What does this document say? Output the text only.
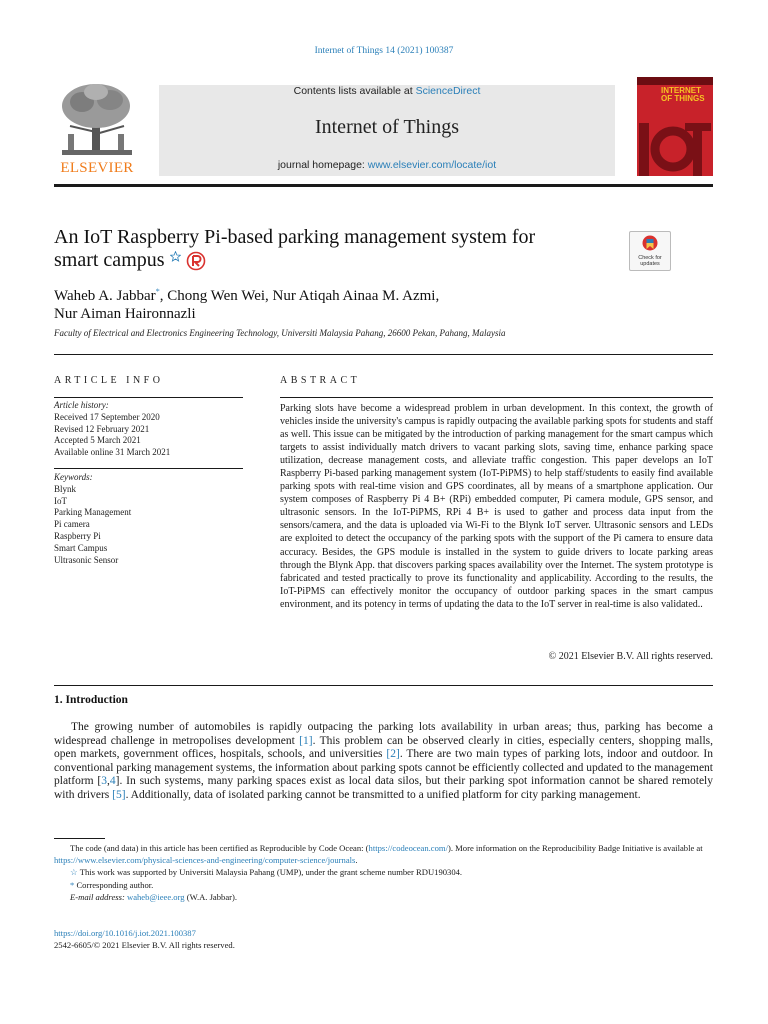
Internet of Things 14 (2021) 100387
ELSEVIER
Contents lists available at ScienceDirect
Internet of Things
journal homepage: www.elsevier.com/locate/iot
INTERNET OF THINGS
An IoT Raspberry Pi-based parking management system for
smart campus	Check for updates
Waheb A. Jabbar*, Chong Wen Wei, Nur Atiqah Ainaa M. Azmi,
Nur Aiman Haironnazli
Faculty of Electrical and Electronics Engineering Technology, Universiti Malaysia Pahang, 26600 Pekan, Pahang, Malaysia
ARTICLE INFO
Article history:
Received 17 September 2020
Revised 12 February 2021
Accepted 5 March 2021
Available online 31 March 2021
Keywords:
Blynk
IoT
Parking Management
Pi camera
Raspberry Pi
Smart Campus
Ultrasonic Sensor
ABSTRACT
Parking slots have become a widespread problem in urban development. In this context, the growth of vehicles inside the university's campus is rapidly outpacing the available parking spots for students and staff as well. This issue can be mitigated by the introduction of parking management for the smart campus which targets to assist individually match drivers to vacant parking slots, saving time, enhance parking space utilization, decrease management costs, and alleviate traffic congestion. This paper develops an IoT Raspberry Pi-based parking management system (IoT-PiPMS) to help staff/students to easily find available parking spots with real-time vision and GPS coordinates, all by means of a smartphone application. Our system composes of Raspberry Pi 4 B+ (RPi) embedded computer, Pi camera module, GPS sensor, and ultrasonic sensors. In the IoT-PiPMS, RPi 4 B+ is used to gather and process data input from the sensors/camera, and the data is uploaded via Wi-Fi to the Blynk IoT server. Ultrasonic sensors and LEDs are exploited to detect the occupancy of the parking spots with the support of the Pi camera to ensure data accuracy. Besides, the GPS module is installed in the system to guide drivers to locate parking areas through the Blynk App. that discovers parking spaces availability over the Internet. The system prototype is fabricated and tested practically to prove its functionality and applicability. According to the results, the IoT-PiPMS can effectively monitor the occupancy of outdoor parking spaces in the smart campus environment, and its potency in terms of updating the data to the IoT server in real-time is also validated..
© 2021 Elsevier B.V. All rights reserved.
1. Introduction
The growing number of automobiles is rapidly outpacing the parking lots availability in urban areas; thus, parking has become a widespread challenge in metropolises development [1]. This problem can be observed clearly in cities, especially centers, shopping malls, open markets, government offices, hospitals, schools, and universities [2]. There are two main types of parking lots, indoor and outdoor. In conventional parking management systems, the information about parking spots cannot be efficiently collected and updated to the management platform [3,4]. In such systems, many parking spaces exist as local data silos, but their parking spot information cannot be shared remotely with drivers [5]. Additionally, data of isolated parking cannot be transmitted to a unified platform for city parking management.
The code (and data) in this article has been certified as Reproducible by Code Ocean: (https://codeocean.com/). More information on the Reproducibility Badge Initiative is available at https://www.elsevier.com/physical-sciences-and-engineering/computer-science/journals.
☆ This work was supported by Universiti Malaysia Pahang (UMP), under the grant scheme number RDU190304.
* Corresponding author.
E-mail address: waheb@ieee.org (W.A. Jabbar).
https://doi.org/10.1016/j.iot.2021.100387
2542-6605/© 2021 Elsevier B.V. All rights reserved.
